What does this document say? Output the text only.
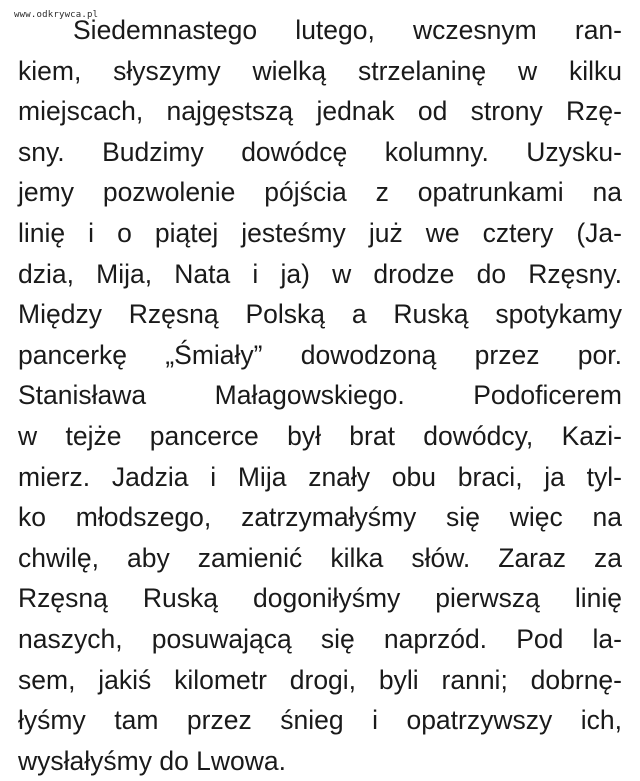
Siedemnastego lutego, wczesnym ran-
kiem, słyszymy wielką strzelaninę w kilku
miejscach, najgęstszą jednak od strony Rzę-
sny. Budzimy dowódcę kolumny. Uzysku-
jemy pozwolenie pójścia z opatrunkami na
linię i o piątej jesteśmy już we cztery (Ja-
dzia, Mija, Nata i ja) w drodze do Rzęsny.
Między Rzęsną Polską a Ruską spotykamy
pancerkę „Śmiały” dowodzoną przez por.
Stanisława Małagowskiego. Podoficerem
w tejże pancerce był brat dowódcy, Kazi-
mierz. Jadzia i Mija znały obu braci, ja tyl-
ko młodszego, zatrzymałyśmy się więc na
chwilę, aby zamienić kilka słów. Zaraz za
Rzęsną Ruską dogoniłyśmy pierwszą linię
naszych, posuwającą się naprzód. Pod la-
sem, jakiś kilometr drogi, byli ranni; dobrnę-
łyśmy tam przez śnieg i opatrzywszy ich,
wysłałyśmy do Lwowa.
www.odkrywca.pl
